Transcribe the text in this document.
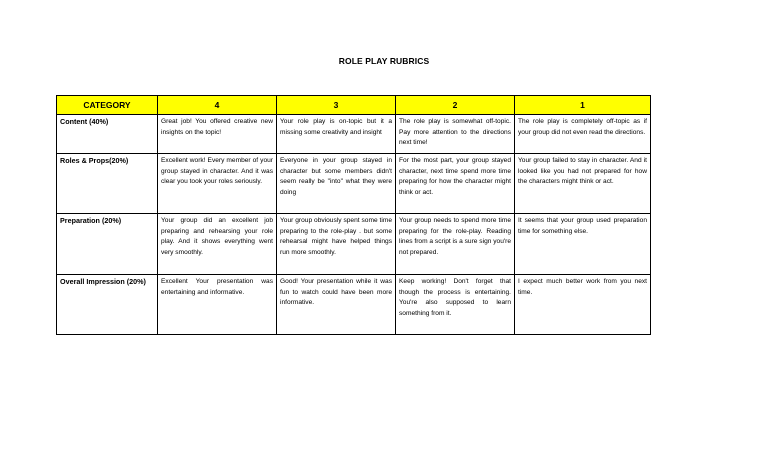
ROLE PLAY RUBRICS
CATEGORY	4	3	2	1
Content (40%)	Great job! You offered creative new insights on the topic!	Your role play is on-topic but it a missing some creativity and insight	The role play is somewhat off-topic. Pay more attention to the directions next time!	The role play is completely off-topic as if your group did not even read the directions.
Roles & Props(20%)	Excellent work! Every member of your group stayed in character. And it was clear you took your roles seriously.	Everyone in your group stayed in character but some members didn't seem really be "into" what they were doing	For the most part, your group stayed character, next time spend more time preparing for how the character might think or act.	Your group failed to stay in character. And it looked like you had not prepared for how the characters might think or act.
Preparation (20%)	Your group did an excellent job preparing and rehearsing your role play. And it shows everything went very smoothly.	Your group obviously spent some time preparing to the role-play . but some rehearsal might have helped things run more smoothly.	Your group needs to spend more time preparing for the role-play. Reading lines from a script is a sure sign you're not prepared.	It seems that your group used preparation time for something else.
Overall Impression (20%)	Excellent Your presentation was entertaining and informative.	Good! Your presentation while it was fun to watch could have been more informative.	Keep working! Don't forget that though the process is entertaining. You're also supposed to learn something from it.	I expect much better work from you next time.
